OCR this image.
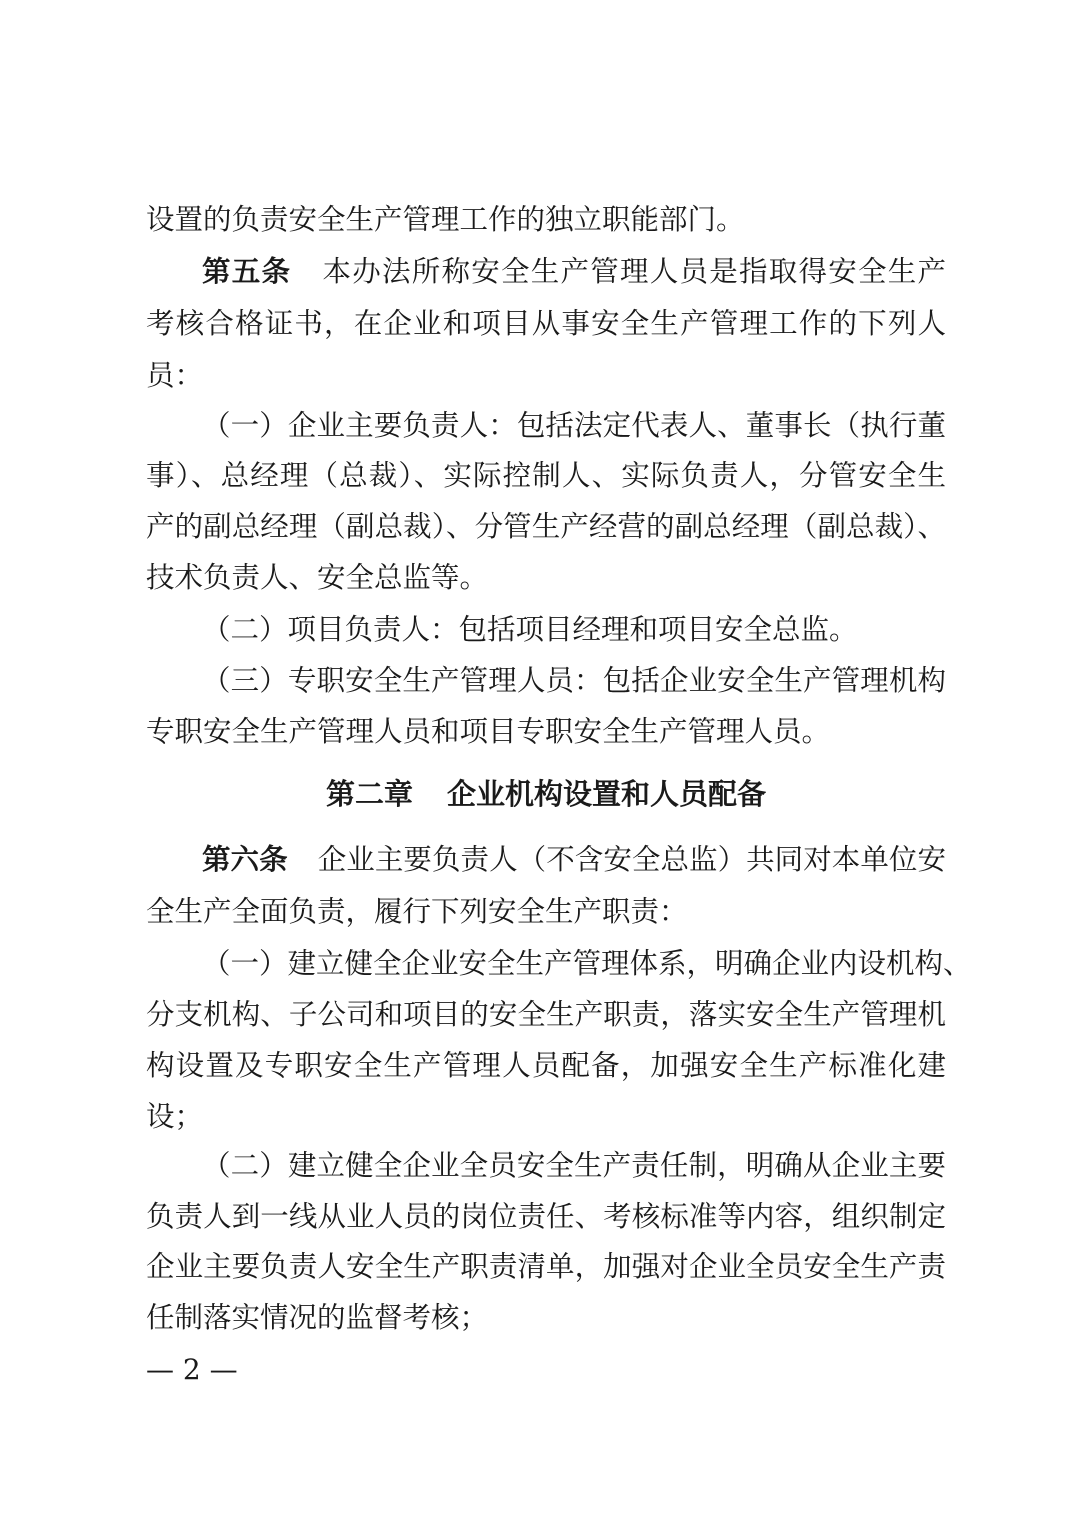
设置的负责安全生产管理工作的独立职能部门。
第五条 本办法所称安全生产管理人员是指取得安全生产
考核合格证书，在企业和项目从事安全生产管理工作的下列人
员：
（一）企业主要负责人：包括法定代表人、董事长（执行董
事）、总经理（总裁）、实际控制人、实际负责人，分管安全生
产的副总经理（副总裁）、分管生产经营的副总经理（副总裁）、
技术负责人、安全总监等。
（二）项目负责人：包括项目经理和项目安全总监。
（三）专职安全生产管理人员：包括企业安全生产管理机构
专职安全生产管理人员和项目专职安全生产管理人员。
第二章 企业机构设置和人员配备
第六条 企业主要负责人（不含安全总监）共同对本单位安
全生产全面负责，履行下列安全生产职责：
（一）建立健全企业安全生产管理体系，明确企业内设机构、
分支机构、子公司和项目的安全生产职责，落实安全生产管理机
构设置及专职安全生产管理人员配备，加强安全生产标准化建
设；
（二）建立健全企业全员安全生产责任制，明确从企业主要
负责人到一线从业人员的岗位责任、考核标准等内容，组织制定
企业主要负责人安全生产职责清单，加强对企业全员安全生产责
任制落实情况的监督考核；
— 2 —
